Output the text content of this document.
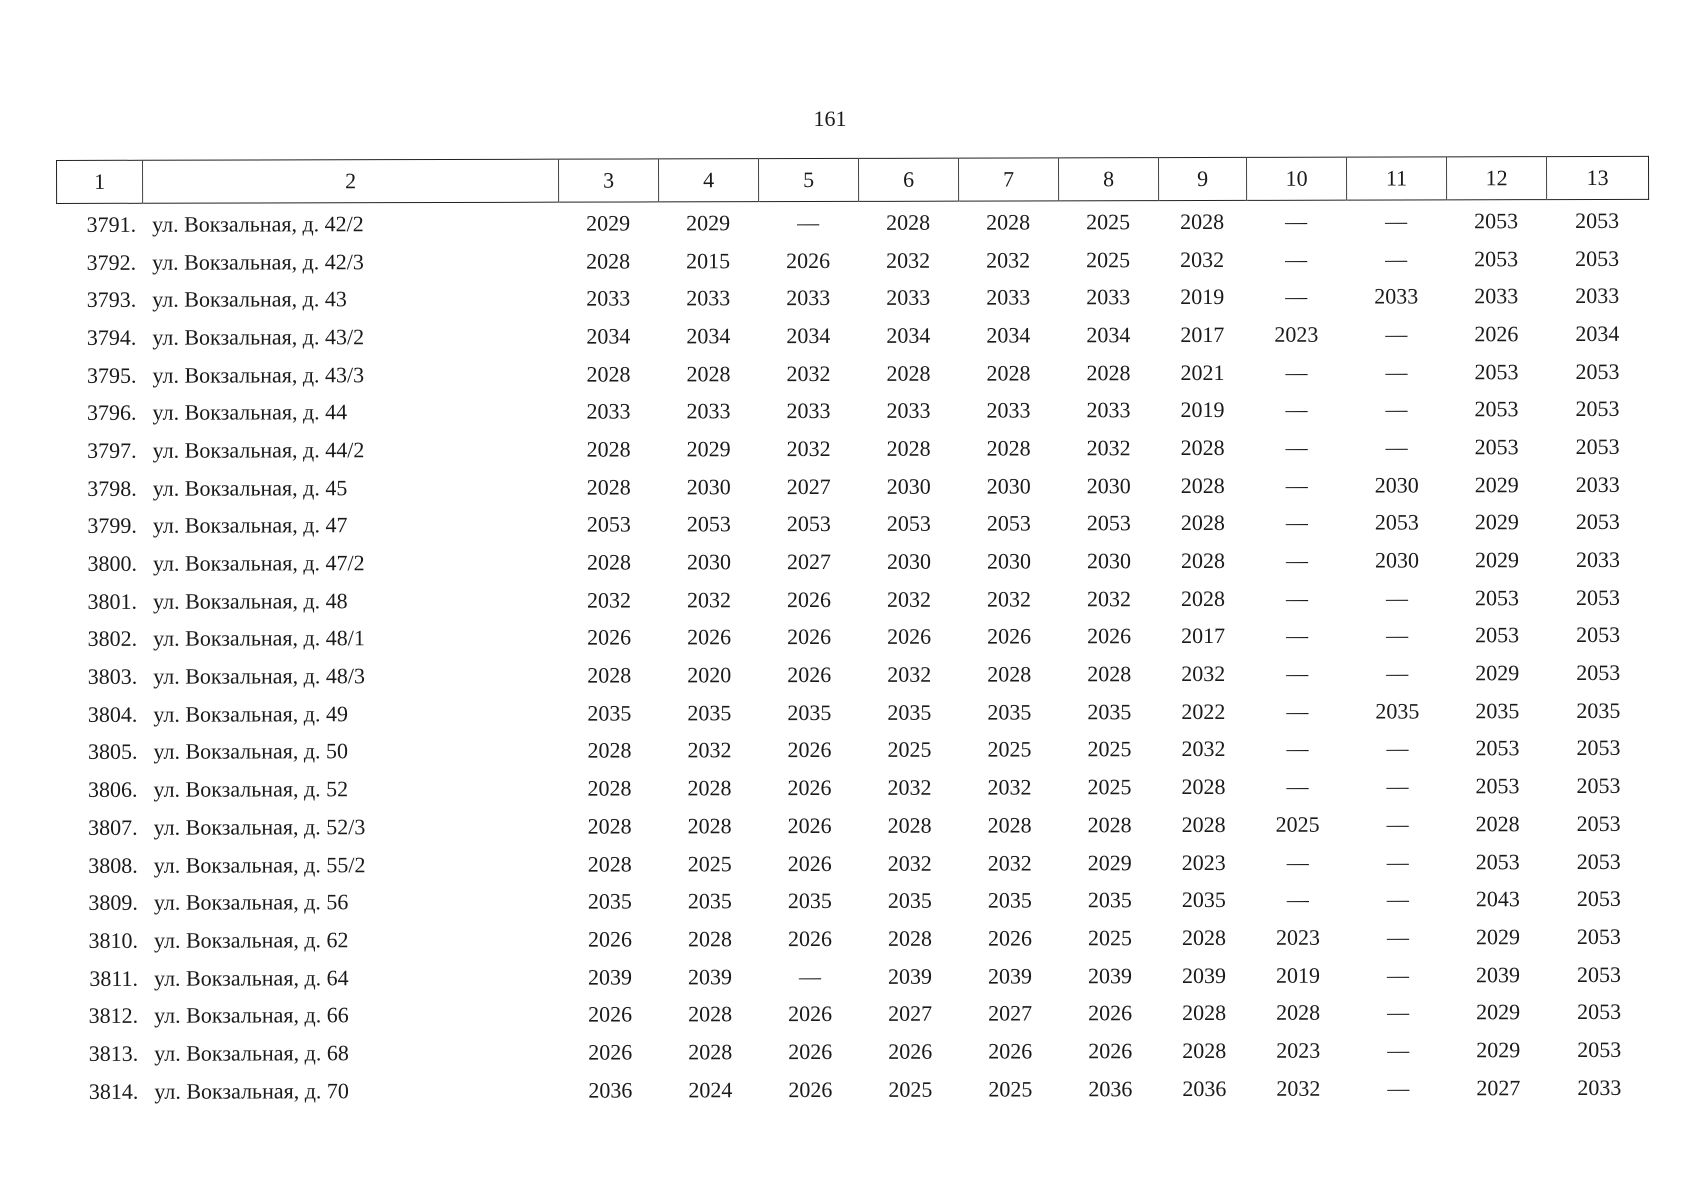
161
1	2	3	4	5	6	7	8	9	10	11	12	13
3791.	ул. Вокзальная, д. 42/2	2029	2029	—	2028	2028	2025	2028	—	—	2053	2053
3792.	ул. Вокзальная, д. 42/3	2028	2015	2026	2032	2032	2025	2032	—	—	2053	2053
3793.	ул. Вокзальная, д. 43	2033	2033	2033	2033	2033	2033	2019	—	2033	2033	2033
3794.	ул. Вокзальная, д. 43/2	2034	2034	2034	2034	2034	2034	2017	2023	—	2026	2034
3795.	ул. Вокзальная, д. 43/3	2028	2028	2032	2028	2028	2028	2021	—	—	2053	2053
3796.	ул. Вокзальная, д. 44	2033	2033	2033	2033	2033	2033	2019	—	—	2053	2053
3797.	ул. Вокзальная, д. 44/2	2028	2029	2032	2028	2028	2032	2028	—	—	2053	2053
3798.	ул. Вокзальная, д. 45	2028	2030	2027	2030	2030	2030	2028	—	2030	2029	2033
3799.	ул. Вокзальная, д. 47	2053	2053	2053	2053	2053	2053	2028	—	2053	2029	2053
3800.	ул. Вокзальная, д. 47/2	2028	2030	2027	2030	2030	2030	2028	—	2030	2029	2033
3801.	ул. Вокзальная, д. 48	2032	2032	2026	2032	2032	2032	2028	—	—	2053	2053
3802.	ул. Вокзальная, д. 48/1	2026	2026	2026	2026	2026	2026	2017	—	—	2053	2053
3803.	ул. Вокзальная, д. 48/3	2028	2020	2026	2032	2028	2028	2032	—	—	2029	2053
3804.	ул. Вокзальная, д. 49	2035	2035	2035	2035	2035	2035	2022	—	2035	2035	2035
3805.	ул. Вокзальная, д. 50	2028	2032	2026	2025	2025	2025	2032	—	—	2053	2053
3806.	ул. Вокзальная, д. 52	2028	2028	2026	2032	2032	2025	2028	—	—	2053	2053
3807.	ул. Вокзальная, д. 52/3	2028	2028	2026	2028	2028	2028	2028	2025	—	2028	2053
3808.	ул. Вокзальная, д. 55/2	2028	2025	2026	2032	2032	2029	2023	—	—	2053	2053
3809.	ул. Вокзальная, д. 56	2035	2035	2035	2035	2035	2035	2035	—	—	2043	2053
3810.	ул. Вокзальная, д. 62	2026	2028	2026	2028	2026	2025	2028	2023	—	2029	2053
3811.	ул. Вокзальная, д. 64	2039	2039	—	2039	2039	2039	2039	2019	—	2039	2053
3812.	ул. Вокзальная, д. 66	2026	2028	2026	2027	2027	2026	2028	2028	—	2029	2053
3813.	ул. Вокзальная, д. 68	2026	2028	2026	2026	2026	2026	2028	2023	—	2029	2053
3814.	ул. Вокзальная, д. 70	2036	2024	2026	2025	2025	2036	2036	2032	—	2027	2033
